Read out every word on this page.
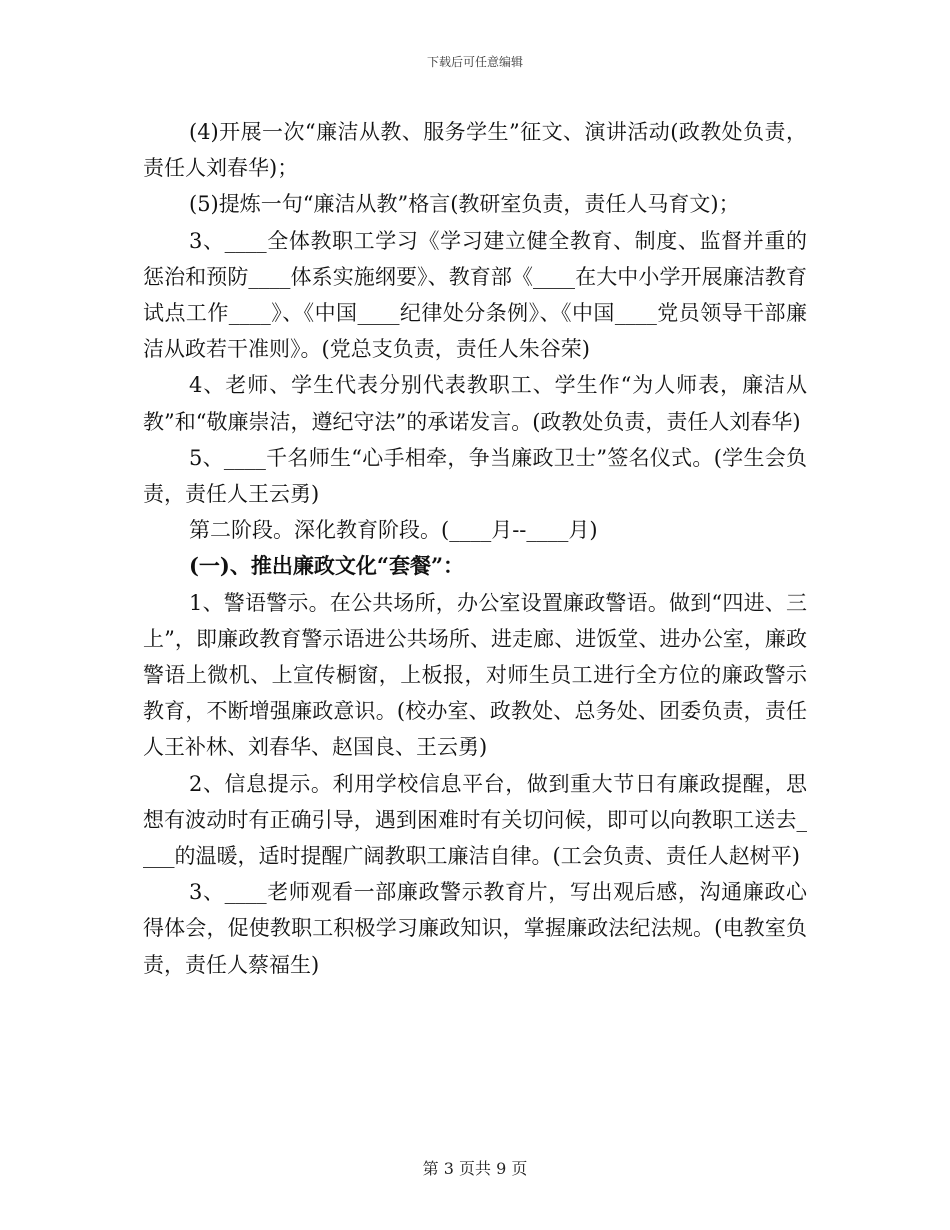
下载后可任意编辑

(4)开展一次“廉洁从教、服务学生”征文、演讲活动(政教处负责，责任人刘春华)；

(5)提炼一句“廉洁从教”格言(教研室负责，责任人马育文)；

3、____全体教职工学习《学习建立健全教育、制度、监督并重的惩治和预防____体系实施纲要》、教育部《____在大中小学开展廉洁教育试点工作____》、《中国____纪律处分条例》、《中国____党员领导干部廉洁从政若干准则》。(党总支负责，责任人朱谷荣)

4、老师、学生代表分别代表教职工、学生作“为人师表，廉洁从教”和“敬廉崇洁，遵纪守法”的承诺发言。(政教处负责，责任人刘春华)

5、____千名师生“心手相牵，争当廉政卫士”签名仪式。(学生会负责，责任人王云勇)

第二阶段。深化教育阶段。(____月--____月)

(一)、推出廉政文化“套餐”：

1、警语警示。在公共场所，办公室设置廉政警语。做到“四进、三上”，即廉政教育警示语进公共场所、进走廊、进饭堂、进办公室，廉政警语上微机、上宣传橱窗，上板报，对师生员工进行全方位的廉政警示教育，不断增强廉政意识。(校办室、政教处、总务处、团委负责，责任人王补林、刘春华、赵国良、王云勇)

2、信息提示。利用学校信息平台，做到重大节日有廉政提醒，思想有波动时有正确引导，遇到困难时有关切问候，即可以向教职工送去____的温暖，适时提醒广阔教职工廉洁自律。(工会负责、责任人赵树平)

3、____老师观看一部廉政警示教育片，写出观后感，沟通廉政心得体会，促使教职工积极学习廉政知识，掌握廉政法纪法规。(电教室负责，责任人蔡福生)

第 3 页共 9 页
